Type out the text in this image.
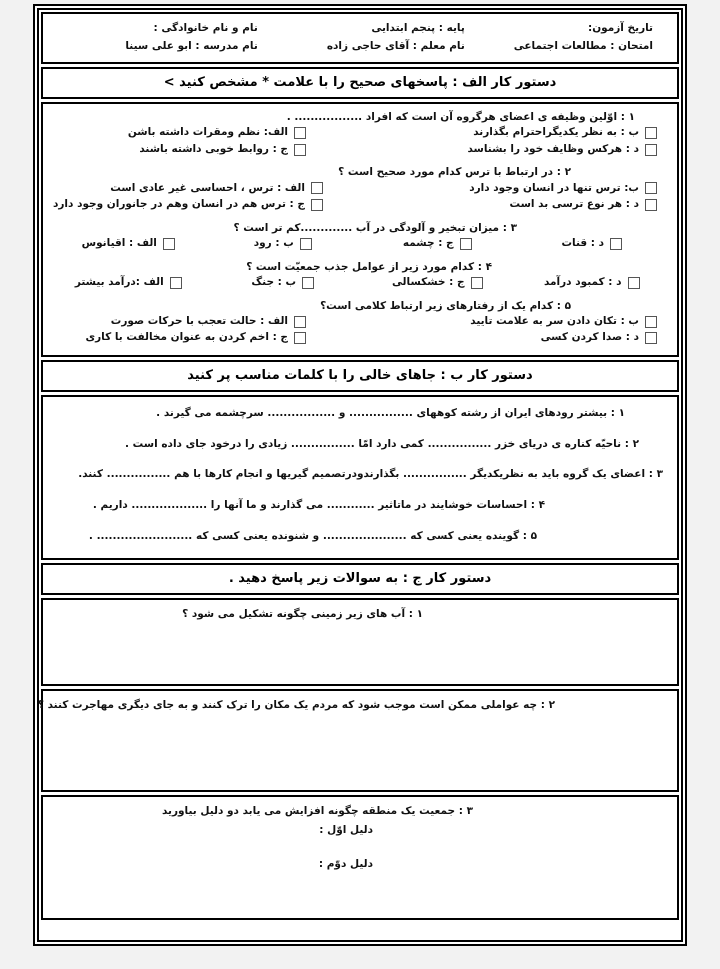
تاریخ آزمون:
امتحان : مطالعات اجتماعی
پایه : پنجم ابتدایی
نام معلم : آقای حاجی زاده
نام و نام خانوادگی :
نام مدرسه : ابو علی سینا
دستور کار الف : پاسخهای صحیح را با علامت * مشخص کنید >
۱ : اوّلین وظیفه ی اعضای هرگروه آن است که افراد ................. .
ب : به نظر یکدیگراحترام بگذارند
الف: نظم ومقرات داشته باشن
د : هرکس وظایف خود را بشناسد
ج : روابط خوبی داشته باشند
۲ : در ارتباط با ترس کدام مورد صحیح است ؟
ب: ترس تنها در انسان وجود دارد
الف : ترس ، احساسی غیر عادی است
د : هر نوع ترسی بد است
ج : ترس هم در انسان وهم در جانوران وجود دارد
۳ : میزان تبخیر و آلودگی در آب .............کم تر است ؟
د : قنات
ج : چشمه
ب : رود
الف : اقیانوس
۴ : کدام مورد زیر از عوامل جذب جمعیّت است ؟
د : کمبود درآمد
ج : خشکسالی
ب : جنگ
الف :درآمد بیشتر
۵ : کدام یک از رفتارهای زیر ارتباط کلامی است؟
ب : تکان دادن سر به علامت تایید
الف : حالت تعجب با حرکات صورت
د : صدا کردن کسی
ج : اخم کردن به عنوان مخالفت با کاری
دستور کار ب : جاهای خالی را با کلمات مناسب پر کنید
۱ : بیشتر رودهای ایران از رشته کوههای ................ و ................. سرچشمه می گیرند .
۲ : ناحیّه کناره ی دریای خزر ................ کمی دارد امّا ................ زیادی را درخود جای داده است .
۳ : اعضای یک گروه باید به نظریکدیگر ................ بگذارندودرتصمیم گیریها و انجام کارها با هم ................ کنند.
۴ : احساسات خوشایند در ماتاثیر ............ می گذارند و ما آنها را ................... داریم .
۵ : گوینده یعنی کسی که ..................... و شنونده یعنی کسی که ........................ .
دستور کار ج : به سوالات زیر پاسخ دهید .
۱ : آب های زیر زمینی چگونه تشکیل می شود ؟
۲ : چه عواملی ممکن است موجب شود که مردم یک مکان را ترک کنند و به جای دیگری مهاجرت کنند ؟
۳ : جمعیت یک منطقه چگونه افزایش می یابد دو دلیل بیاورید
دلیل اوّل :
دلیل دوّم :
